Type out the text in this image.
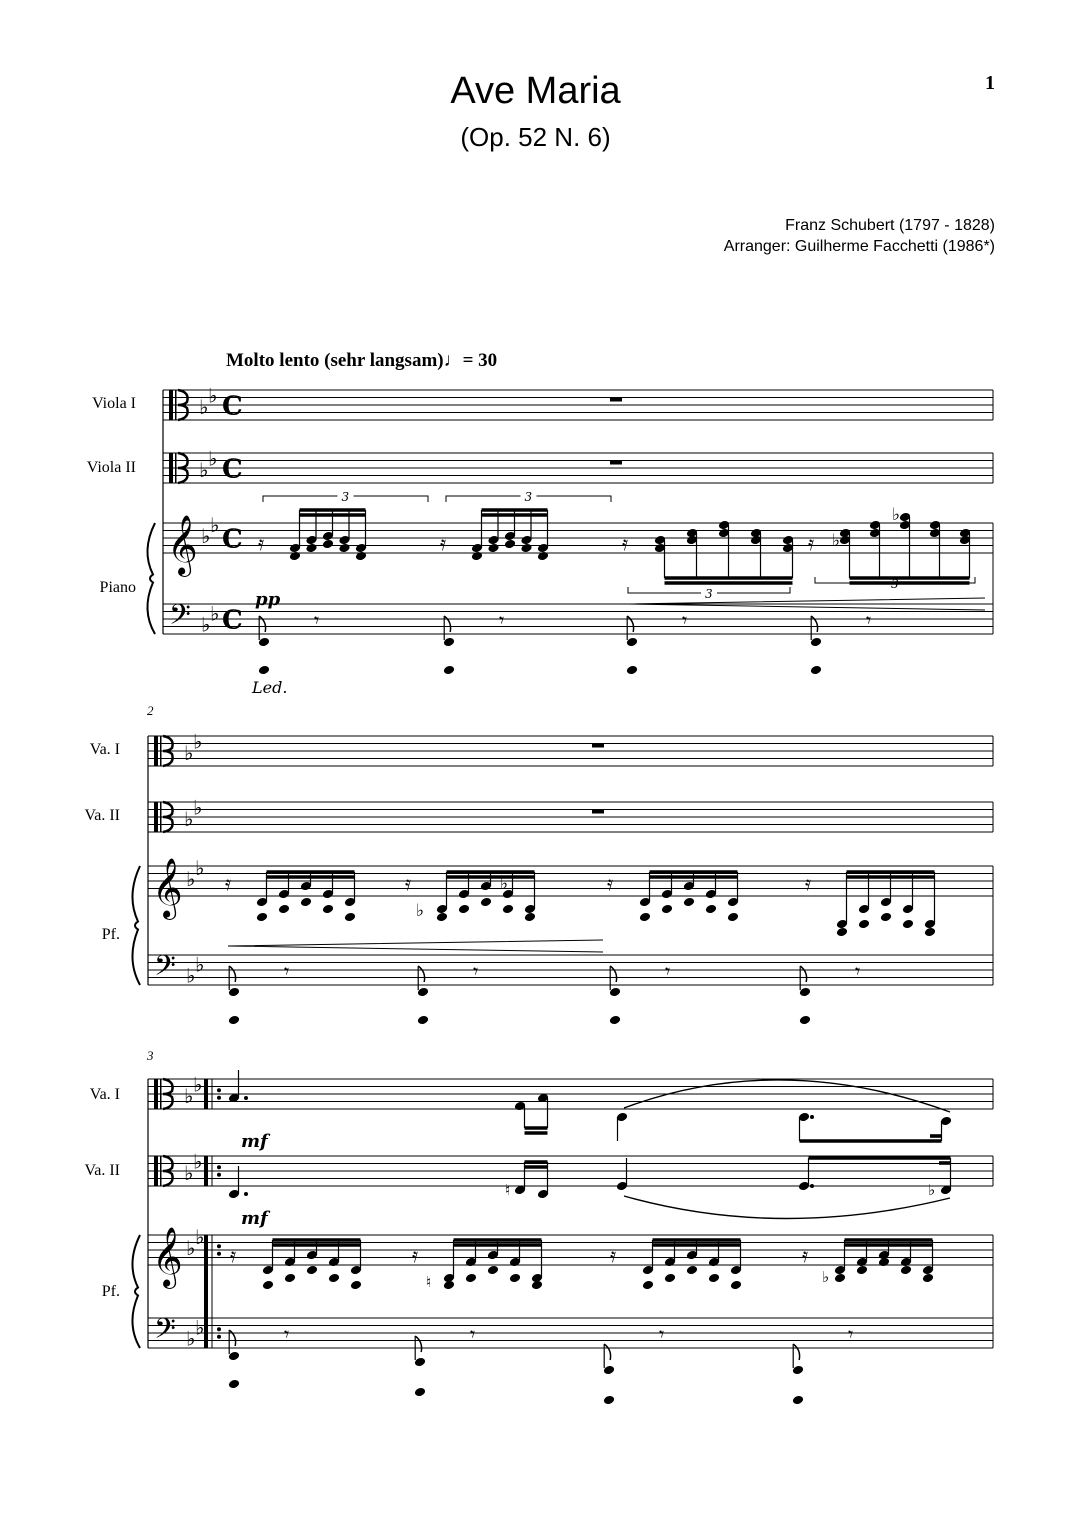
Ave Maria
(Op. 52 N. 6)
1
Franz Schubert (1797 - 1828)
Arranger: Guilherme Facchetti (1986*)
Molto lento (sehr langsam)♩= 30
Viola I
Viola II
Piano
2
Va. I
Va. II
Pf.
3
Va. I
Va. II
Pf.
𝄞
𝄢
♭ ♭
♭ ♭
♭ ♭
♭ ♭
C
C
C
C
𝄿	𝄿
3	3
𝄿	𝄿 ♭
♭
3
3
𝄾	𝄾	𝄾	𝄾
pp
Led.
𝄞
𝄢
♭ ♭
♭ ♭
♭ ♭
♭ ♭
𝄿	𝄿	𝄿	𝄿
♭
♭
𝄾	𝄾	𝄾	𝄾
𝄞
𝄢
♭ ♭
♭ ♭
♭ ♭
♭ ♭
mf
♮	♭
mf
𝄿	𝄿
♮
𝄿	𝄿
♭
𝄾	𝄾	𝄾	𝄾
